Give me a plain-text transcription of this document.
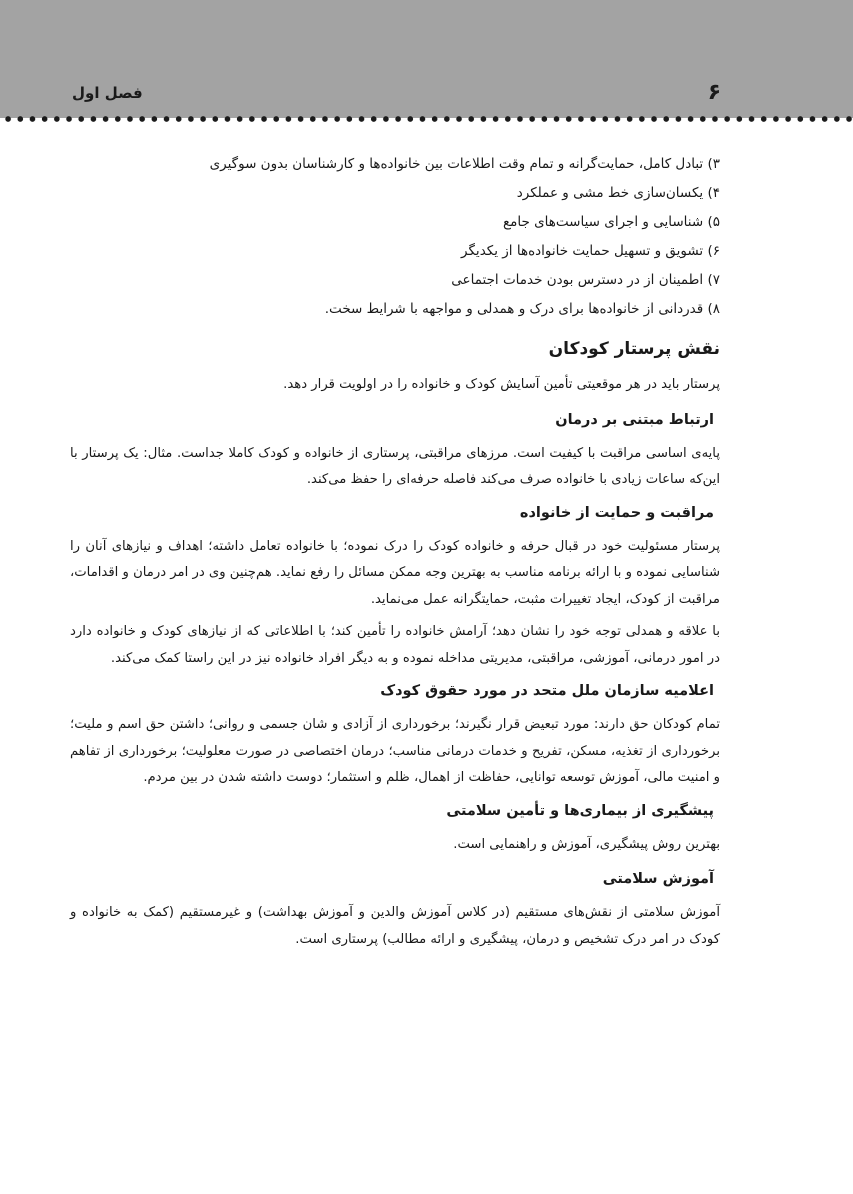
فصل اول	۶
۳) تبادل کامل، حمایت‌گرانه و تمام وقت اطلاعات بین خانواده‌ها و کارشناسان بدون سوگیری
۴) یکسان‌سازی خط مشی و عملکرد
۵) شناسایی و اجرای سیاست‌های جامع
۶) تشویق و تسهیل حمایت خانواده‌ها از یکدیگر
۷) اطمینان از در دسترس بودن خدمات اجتماعی
۸) قدردانی از خانواده‌ها برای درک و همدلی و مواجهه با شرایط سخت.
نقش پرستار کودکان

پرستار باید در هر موقعیتی تأمین آسایش کودک و خانواده را در اولویت قرار دهد.

ارتباط مبتنی بر درمان

پایه‌ی اساسی مراقبت با کیفیت است. مرزهای مراقبتی، پرستاری از خانواده و کودک کاملا جداست. مثال: یک پرستار با این‌که ساعات زیادی با خانواده صرف می‌کند فاصله حرفه‌ای را حفظ می‌کند.

مراقبت و حمایت از خانواده

پرستار مسئولیت خود در قبال حرفه و خانواده کودک را درک نموده؛ با خانواده تعامل داشته؛ اهداف و نیازهای آنان را شناسایی نموده و با ارائه برنامه مناسب به بهترین وجه ممکن مسائل را رفع نماید. هم‌چنین وی در امر درمان و اقدامات، مراقبت از کودک، ایجاد تغییرات مثبت، حمایتگرانه عمل می‌نماید.

با علاقه و همدلی توجه خود را نشان دهد؛ آرامش خانواده را تأمین کند؛ با اطلاعاتی که از نیازهای کودک و خانواده دارد در امور درمانی، آموزشی، مراقبتی، مدیریتی مداخله نموده و به دیگر افراد خانواده نیز در این راستا کمک می‌کند.

اعلامیه سازمان ملل متحد در مورد حقوق کودک

تمام کودکان حق دارند: مورد تبعیض قرار نگیرند؛ برخورداری از آزادی و شان جسمی و روانی؛ داشتن حق اسم و ملیت؛ برخورداری از تغذیه، مسکن، تفریح و خدمات درمانی مناسب؛ درمان اختصاصی در صورت معلولیت؛ برخورداری از تفاهم و امنیت مالی، آموزش توسعه توانایی، حفاظت از اهمال، ظلم و استثمار؛ دوست داشته شدن در بین مردم.

پیشگیری از بیماری‌ها و تأمین سلامتی

بهترین روش پیشگیری، آموزش و راهنمایی است.

آموزش سلامتی

آموزش سلامتی از نقش‌های مستقیم (در کلاس آموزش والدین و آموزش بهداشت) و غیرمستقیم (کمک به خانواده و کودک در امر درک تشخیص و درمان، پیشگیری و ارائه مطالب) پرستاری است.
